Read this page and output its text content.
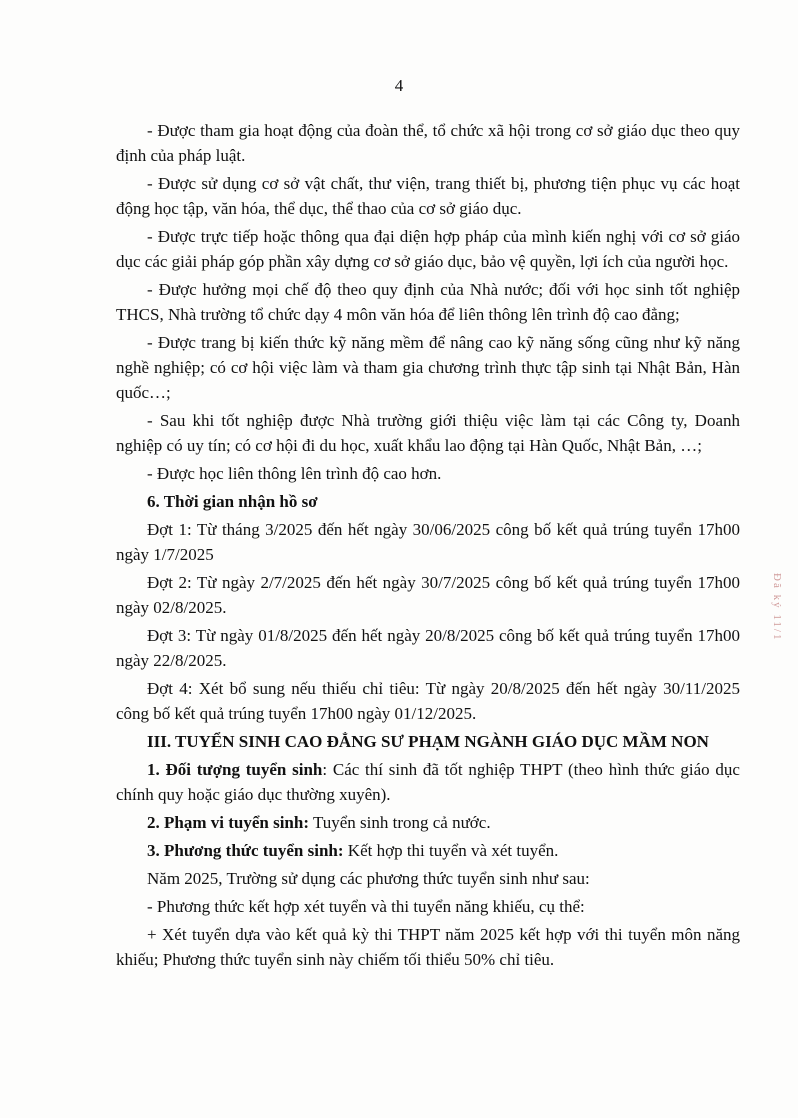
4

- Được tham gia hoạt động của đoàn thể, tổ chức xã hội trong cơ sở giáo dục theo quy định của pháp luật.

- Được sử dụng cơ sở vật chất, thư viện, trang thiết bị, phương tiện phục vụ các hoạt động học tập, văn hóa, thể dục, thể thao của cơ sở giáo dục.

- Được trực tiếp hoặc thông qua đại diện hợp pháp của mình kiến nghị với cơ sở giáo dục các giải pháp góp phần xây dựng cơ sở giáo dục, bảo vệ quyền, lợi ích của người học.

- Được hưởng mọi chế độ theo quy định của Nhà nước; đối với học sinh tốt nghiệp THCS, Nhà trường tổ chức dạy 4 môn văn hóa để liên thông lên trình độ cao đẳng;

- Được trang bị kiến thức kỹ năng mềm để nâng cao kỹ năng sống cũng như kỹ năng nghề nghiệp; có cơ hội việc làm và tham gia chương trình thực tập sinh tại Nhật Bản, Hàn quốc…;

- Sau khi tốt nghiệp được Nhà trường giới thiệu việc làm tại các Công ty, Doanh nghiệp có uy tín; có cơ hội đi du học, xuất khẩu lao động tại Hàn Quốc, Nhật Bản, …;

- Được học liên thông lên trình độ cao hơn.

6. Thời gian nhận hồ sơ

Đợt 1: Từ tháng 3/2025 đến hết ngày 30/06/2025 công bố kết quả trúng tuyển 17h00 ngày 1/7/2025

Đợt 2: Từ ngày 2/7/2025 đến hết ngày 30/7/2025 công bố kết quả trúng tuyển 17h00 ngày 02/8/2025.

Đợt 3: Từ ngày 01/8/2025 đến hết ngày 20/8/2025 công bố kết quả trúng tuyển 17h00 ngày 22/8/2025.

Đợt 4: Xét bổ sung nếu thiếu chỉ tiêu: Từ ngày 20/8/2025 đến hết ngày 30/11/2025 công bố kết quả trúng tuyển 17h00 ngày 01/12/2025.

III. TUYỂN SINH CAO ĐẲNG SƯ PHẠM NGÀNH GIÁO DỤC MẦM NON

1. Đối tượng tuyển sinh: Các thí sinh đã tốt nghiệp THPT (theo hình thức giáo dục chính quy hoặc giáo dục thường xuyên).

2. Phạm vi tuyển sinh: Tuyển sinh trong cả nước.

3. Phương thức tuyển sinh: Kết hợp thi tuyển và xét tuyển.

Năm 2025, Trường sử dụng các phương thức tuyển sinh như sau:

- Phương thức kết hợp xét tuyển và thi tuyển năng khiếu, cụ thể:

+ Xét tuyển dựa vào kết quả kỳ thi THPT năm 2025 kết hợp với thi tuyển môn năng khiếu; Phương thức tuyển sinh này chiếm tối thiểu 50% chỉ tiêu.

Đã ký 11/1
